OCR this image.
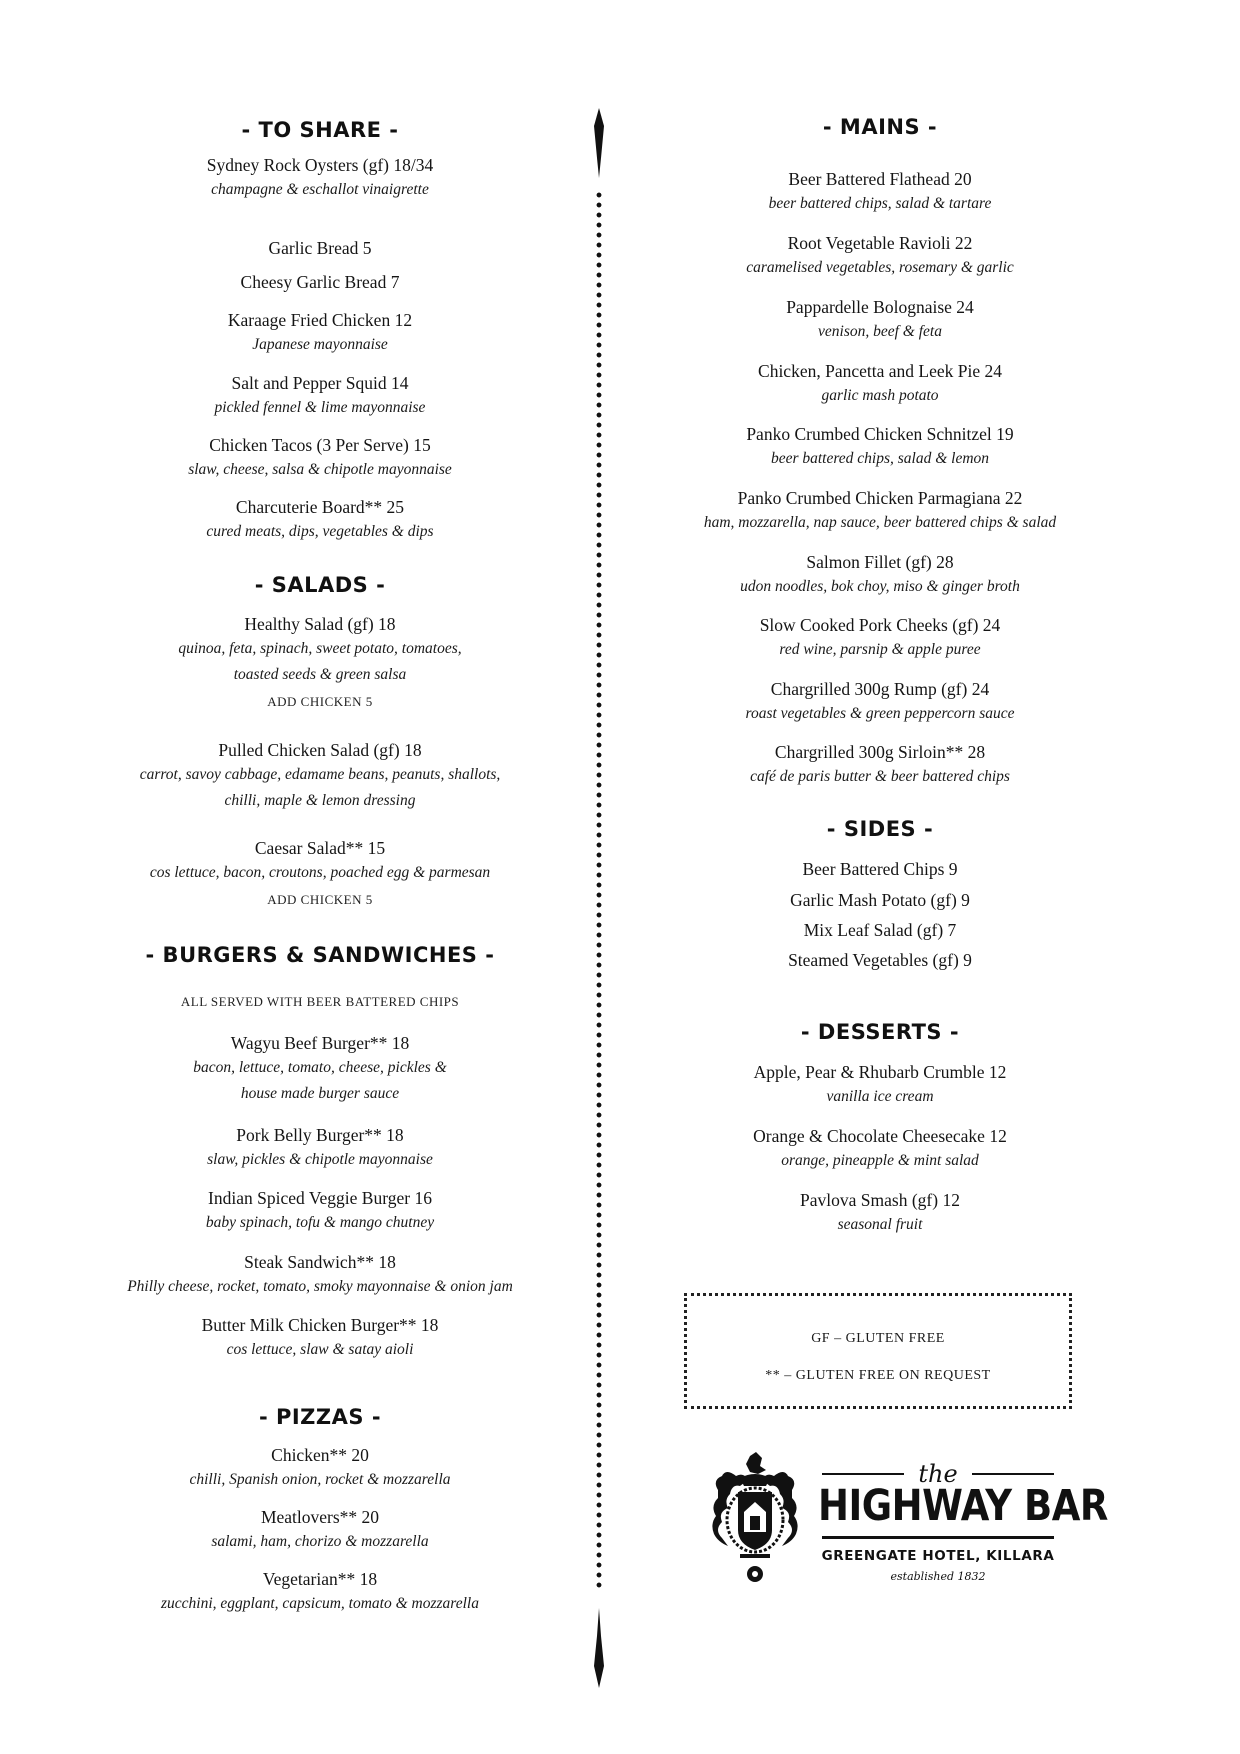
- TO SHARE -
Sydney Rock Oysters (gf) 18/34
champagne & eschallot vinaigrette
Garlic Bread 5
Cheesy Garlic Bread 7
Karaage Fried Chicken 12
Japanese mayonnaise
Salt and Pepper Squid 14
pickled fennel & lime mayonnaise
Chicken Tacos (3 Per Serve) 15
slaw, cheese, salsa & chipotle mayonnaise
Charcuterie Board** 25
cured meats, dips, vegetables & dips
- SALADS -
Healthy Salad (gf) 18
quinoa, feta, spinach, sweet potato, tomatoes,
toasted seeds & green salsa
ADD CHICKEN 5
Pulled Chicken Salad (gf) 18
carrot, savoy cabbage, edamame beans, peanuts, shallots,
chilli, maple & lemon dressing
Caesar Salad** 15
cos lettuce, bacon, croutons, poached egg & parmesan
ADD CHICKEN 5
- BURGERS & SANDWICHES -
ALL SERVED WITH BEER BATTERED CHIPS
Wagyu Beef Burger** 18
bacon, lettuce, tomato, cheese, pickles &
house made burger sauce
Pork Belly Burger** 18
slaw, pickles & chipotle mayonnaise
Indian Spiced Veggie Burger 16
baby spinach, tofu & mango chutney
Steak Sandwich** 18
Philly cheese, rocket, tomato, smoky mayonnaise & onion jam
Butter Milk Chicken Burger** 18
cos lettuce, slaw & satay aioli
- PIZZAS -
Chicken** 20
chilli, Spanish onion, rocket & mozzarella
Meatlovers** 20
salami, ham, chorizo & mozzarella
Vegetarian** 18
zucchini, eggplant, capsicum, tomato & mozzarella
- MAINS -
Beer Battered Flathead 20
beer battered chips, salad & tartare
Root Vegetable Ravioli 22
caramelised vegetables, rosemary & garlic
Pappardelle Bolognaise 24
venison, beef & feta
Chicken, Pancetta and Leek Pie 24
garlic mash potato
Panko Crumbed Chicken Schnitzel 19
beer battered chips, salad & lemon
Panko Crumbed Chicken Parmagiana 22
ham, mozzarella, nap sauce, beer battered chips & salad
Salmon Fillet (gf) 28
udon noodles, bok choy, miso & ginger broth
Slow Cooked Pork Cheeks (gf) 24
red wine, parsnip & apple puree
Chargrilled 300g Rump (gf) 24
roast vegetables & green peppercorn sauce
Chargrilled 300g Sirloin** 28
café de paris butter & beer battered chips
- SIDES -
Beer Battered Chips 9
Garlic Mash Potato (gf) 9
Mix Leaf Salad (gf) 7
Steamed Vegetables (gf) 9
- DESSERTS -
Apple, Pear & Rhubarb Crumble 12
vanilla ice cream
Orange & Chocolate Cheesecake 12
orange, pineapple & mint salad
Pavlova Smash (gf) 12
seasonal fruit
GF – GLUTEN FREE
** – GLUTEN FREE ON REQUEST
the
HIGHWAY BAR
GREENGATE HOTEL, KILLARA
established 1832
